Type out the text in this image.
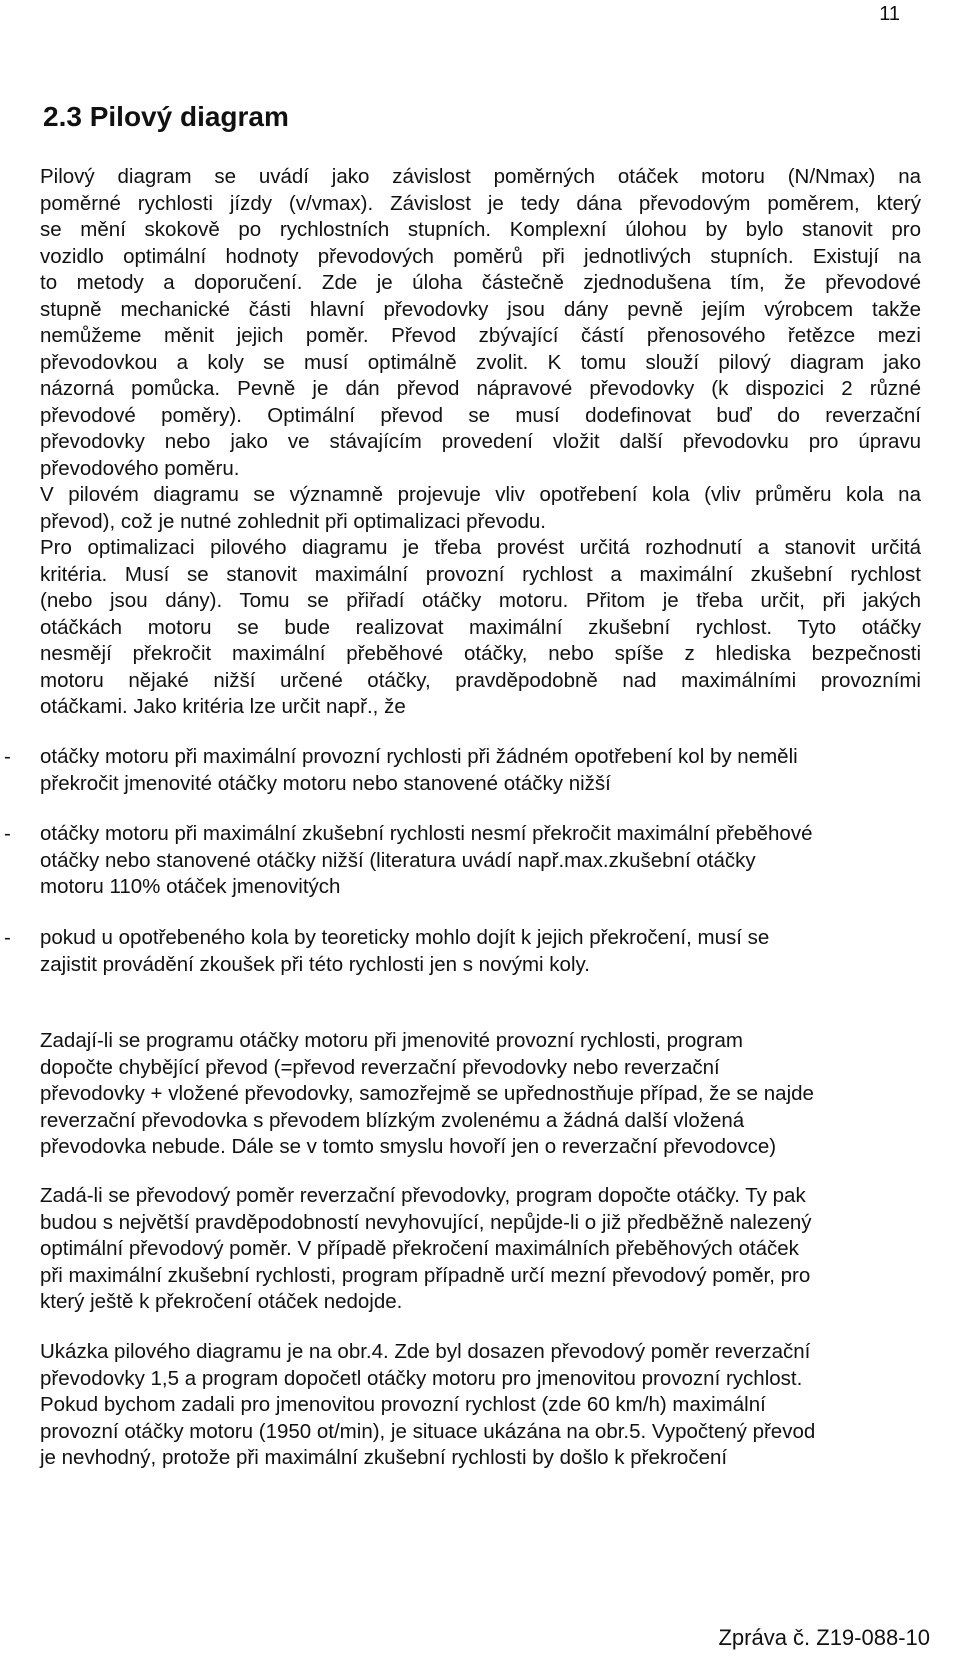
11
2.3 Pilový diagram
Pilový diagram se uvádí jako závislost poměrných otáček motoru (N/Nmax) na
poměrné rychlosti jízdy (v/vmax). Závislost je tedy dána převodovým poměrem, který
se mění skokově po rychlostních stupních. Komplexní úlohou by bylo stanovit pro
vozidlo optimální hodnoty převodových poměrů při jednotlivých stupních. Existují na
to metody a doporučení. Zde je úloha částečně zjednodušena tím, že převodové
stupně mechanické části hlavní převodovky jsou dány pevně jejím výrobcem takže
nemůžeme měnit jejich poměr. Převod zbývající částí přenosového řetězce mezi
převodovkou a koly se musí optimálně zvolit. K tomu slouží pilový diagram jako
názorná pomůcka. Pevně je dán převod nápravové převodovky (k dispozici 2 různé
převodové poměry). Optimální převod se musí dodefinovat buď do reverzační
převodovky nebo jako ve stávajícím provedení vložit další převodovku pro úpravu
převodového poměru.
V pilovém diagramu se významně projevuje vliv opotřebení kola (vliv průměru kola na
převod), což je nutné zohlednit při optimalizaci převodu.
Pro optimalizaci pilového diagramu je třeba provést určitá rozhodnutí a stanovit určitá
kritéria. Musí se stanovit maximální provozní rychlost a maximální zkušební rychlost
(nebo jsou dány). Tomu se přiřadí otáčky motoru. Přitom je třeba určit, při jakých
otáčkách motoru se bude realizovat maximální zkušební rychlost. Tyto otáčky
nesmějí překročit maximální přeběhové otáčky, nebo spíše z hlediska bezpečnosti
motoru nějaké nižší určené otáčky, pravděpodobně nad maximálními provozními
otáčkami. Jako kritéria lze určit např., že
- otáčky motoru při maximální provozní rychlosti při žádném opotřebení kol by neměli
překročit jmenovité otáčky motoru nebo stanovené otáčky nižší
- otáčky motoru při maximální zkušební rychlosti nesmí překročit maximální přeběhové
otáčky nebo stanovené otáčky nižší (literatura uvádí např.max.zkušební otáčky
motoru 110% otáček jmenovitých
- pokud u opotřebeného kola by teoreticky mohlo dojít k jejich překročení, musí se
zajistit provádění zkoušek při této rychlosti jen s novými koly.
Zadají-li se programu otáčky motoru při jmenovité provozní rychlosti, program
dopočte chybějící převod (=převod reverzační převodovky nebo reverzační
převodovky + vložené převodovky, samozřejmě se upřednostňuje případ, že se najde
reverzační převodovka s převodem blízkým zvolenému a žádná další vložená
převodovka nebude. Dále se v tomto smyslu hovoří jen o reverzační převodovce)
Zadá-li se převodový poměr reverzační převodovky, program dopočte otáčky. Ty pak
budou s největší pravděpodobností nevyhovující, nepůjde-li o již předběžně nalezený
optimální převodový poměr. V případě překročení maximálních přeběhových otáček
při maximální zkušební rychlosti, program případně určí mezní převodový poměr, pro
který ještě k překročení otáček nedojde.
Ukázka pilového diagramu je na obr.4. Zde byl dosazen převodový poměr reverzační
převodovky 1,5 a program dopočetl otáčky motoru pro jmenovitou provozní rychlost.
Pokud bychom zadali pro jmenovitou provozní rychlost (zde 60 km/h) maximální
provozní otáčky motoru (1950 ot/min), je situace ukázána na obr.5. Vypočtený převod
je nevhodný, protože při maximální zkušební rychlosti by došlo k překročení
Zpráva č. Z19-088-10
